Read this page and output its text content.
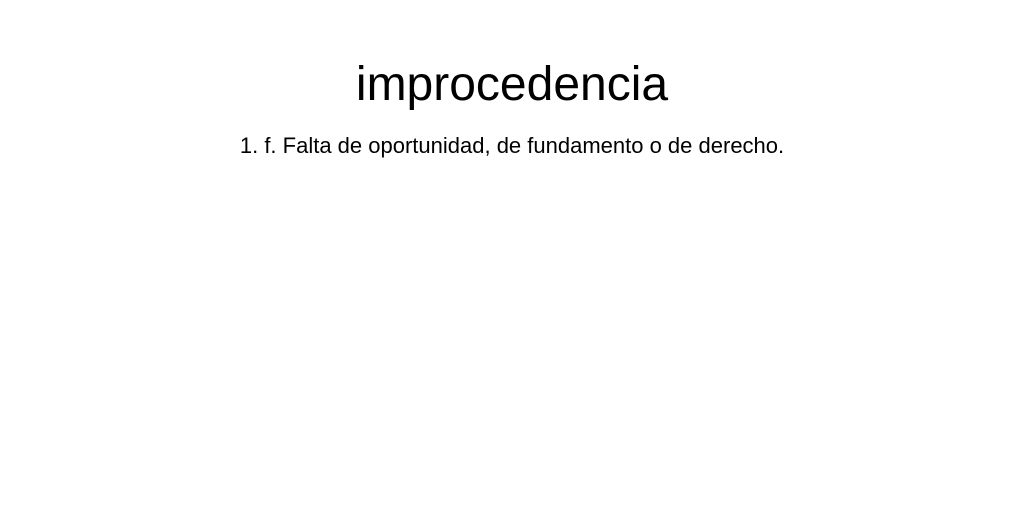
improcedencia

1. f. Falta de oportunidad, de fundamento o de derecho.
